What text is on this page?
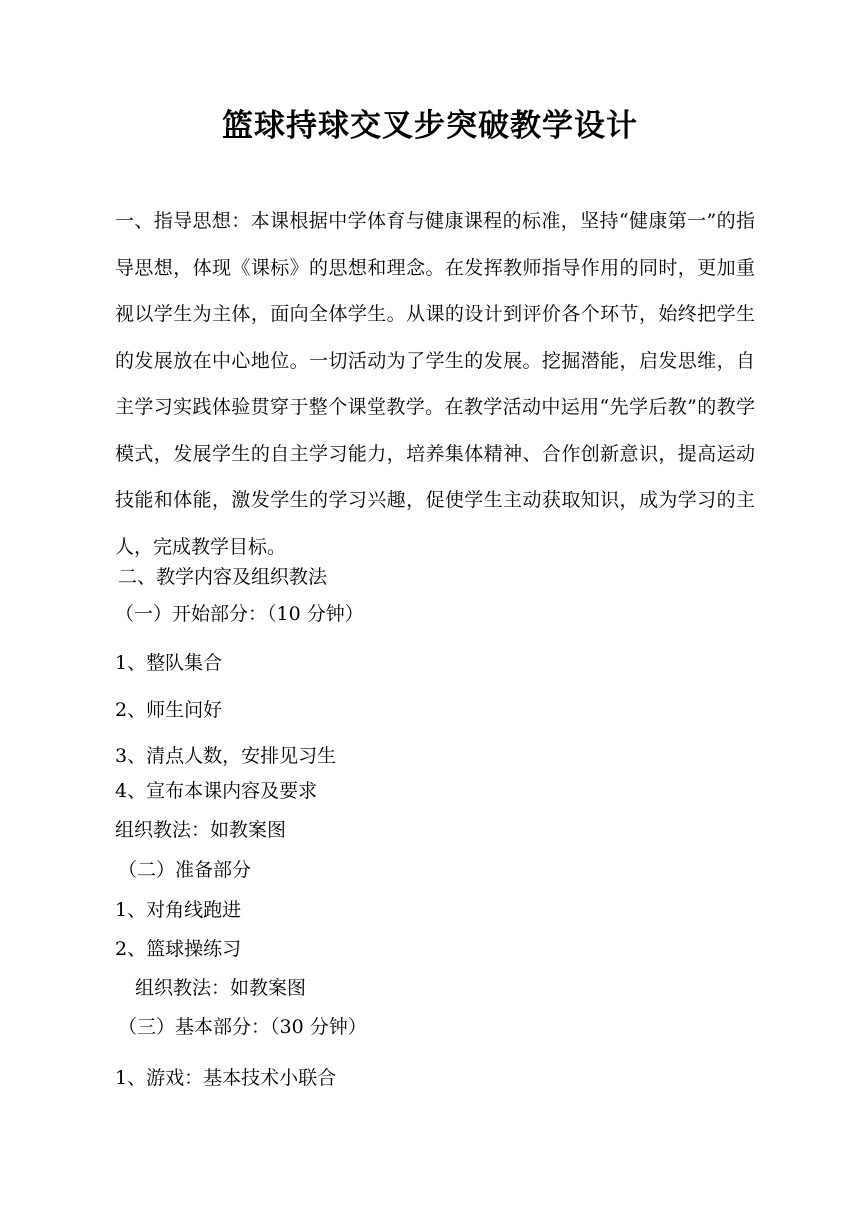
篮球持球交叉步突破教学设计
一、指导思想：本课根据中学体育与健康课程的标准，坚持“健康第一”的指导思想，体现《课标》的思想和理念。在发挥教师指导作用的同时，更加重视以学生为主体，面向全体学生。从课的设计到评价各个环节，始终把学生的发展放在中心地位。一切活动为了学生的发展。挖掘潜能，启发思维，自主学习实践体验贯穿于整个课堂教学。在教学活动中运用“先学后教”的教学模式，发展学生的自主学习能力，培养集体精神、合作创新意识，提高运动技能和体能，激发学生的学习兴趣，促使学生主动获取知识，成为学习的主人，完成教学目标。
二、教学内容及组织教法
（一）开始部分：（10 分钟）
1、整队集合
2、师生问好
3、清点人数，安排见习生
4、宣布本课内容及要求
组织教法：如教案图
（二）准备部分
1、对角线跑进
2、篮球操练习
组织教法：如教案图
（三）基本部分：（30 分钟）
1、游戏：基本技术小联合
